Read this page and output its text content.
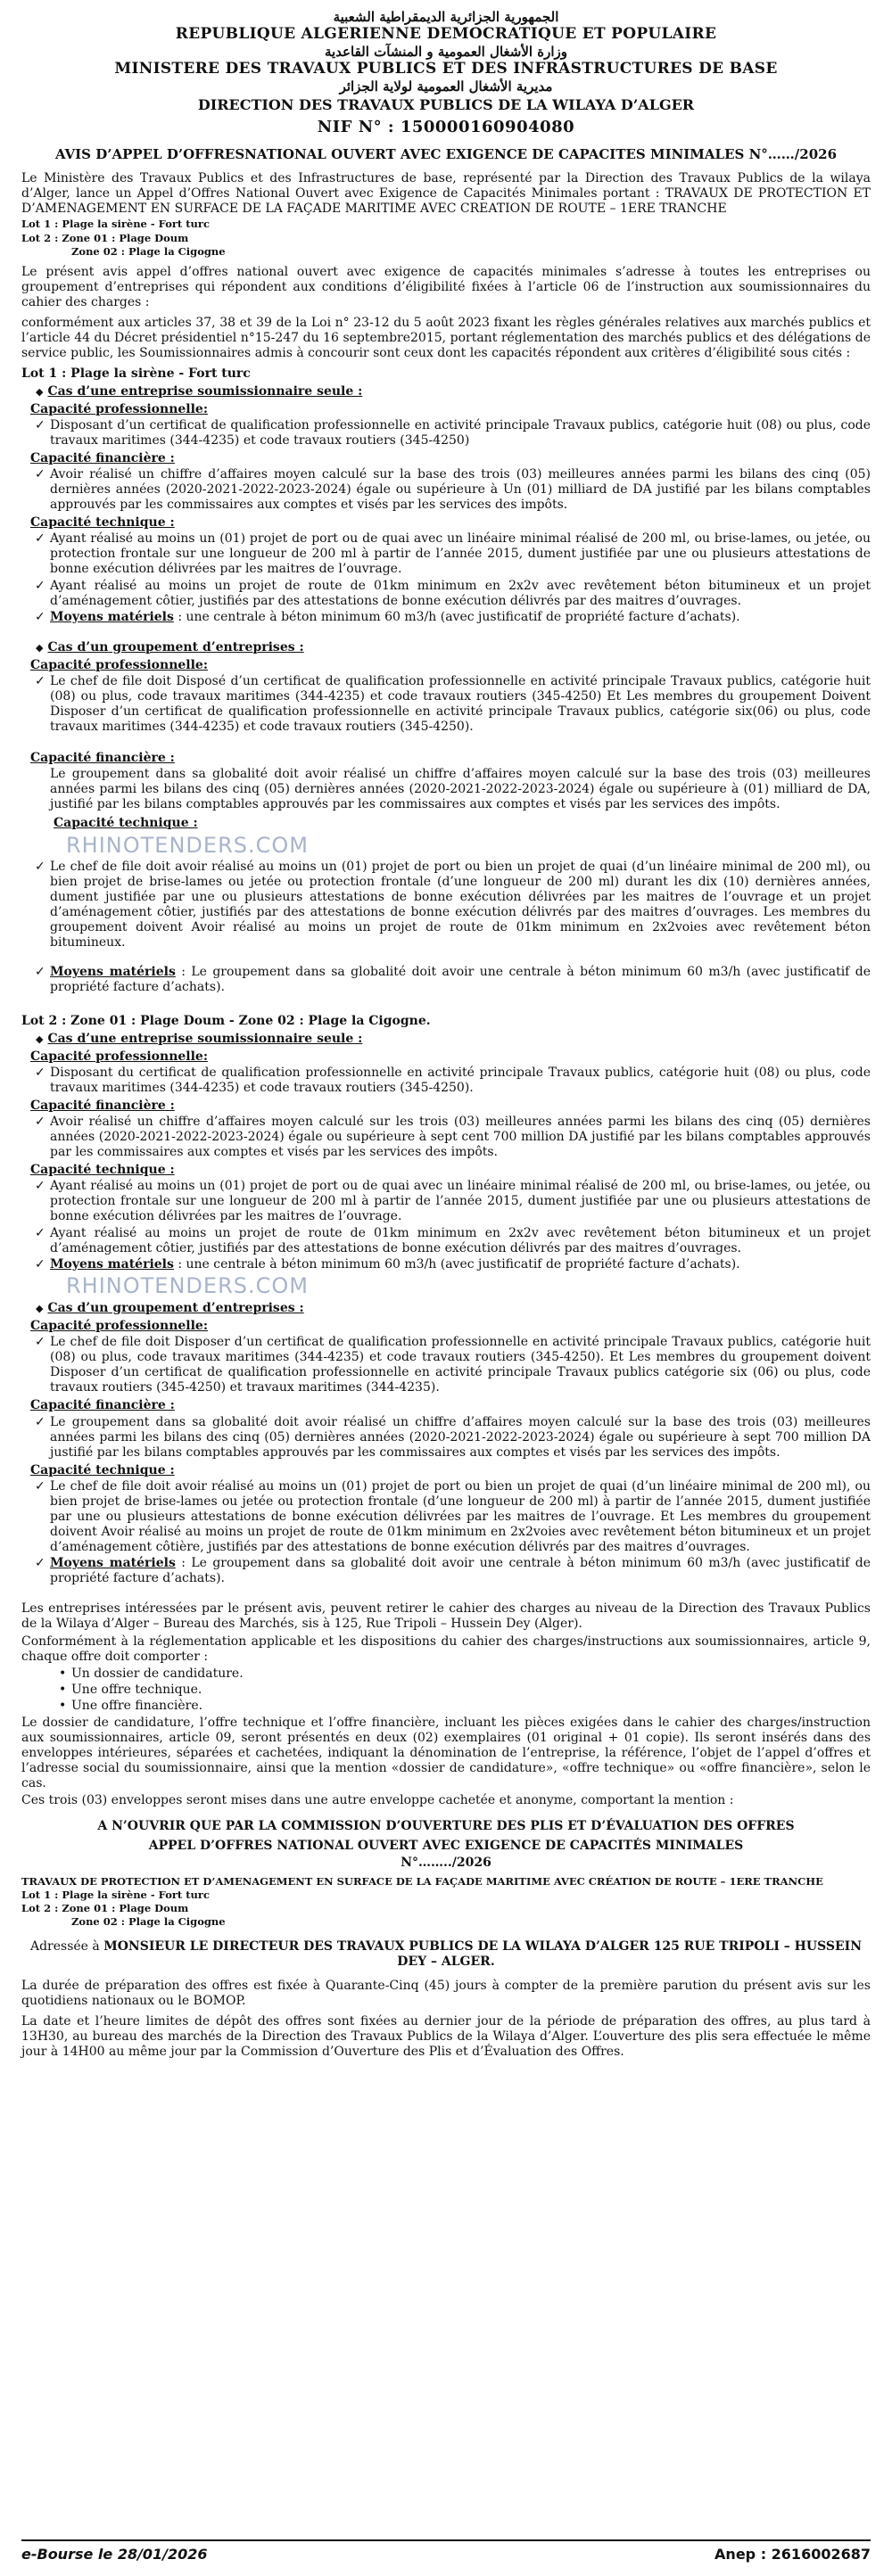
الجمهورية الجزائرية الديمقراطية الشعبية

REPUBLIQUE ALGERIENNE DEMOCRATIQUE ET POPULAIRE

وزارة الأشغال العمومية و المنشآت القاعدية

MINISTERE DES TRAVAUX PUBLICS ET DES INFRASTRUCTURES DE BASE

مديرية الأشغال العمومية لولاية الجزائر

DIRECTION DES TRAVAUX PUBLICS DE LA WILAYA D’ALGER

NIF N° : 150000160904080

AVIS D’APPEL D’OFFRESNATIONAL OUVERT AVEC EXIGENCE DE CAPACITES MINIMALES N°……/2026

Le Ministère des Travaux Publics et des Infrastructures de base, représenté par la Direction des Travaux Publics de la wilaya d’Alger, lance un Appel d’Offres National Ouvert avec Exigence de Capacités Minimales portant : TRAVAUX DE PROTECTION ET D’AMENAGEMENT EN SURFACE DE LA FAÇADE MARITIME AVEC CREATION DE ROUTE – 1ERE TRANCHE

Lot 1 : Plage la sirène - Fort turc

Lot 2 : Zone 01 : Plage Doum

Zone 02 : Plage la Cigogne

Le présent avis appel d’offres national ouvert avec exigence de capacités minimales s’adresse à toutes les entreprises ou groupement d’entreprises qui répondent aux conditions d’éligibilité fixées à l’article 06 de l’instruction aux soumissionnaires du cahier des charges :

conformément aux articles 37, 38 et 39 de la Loi n° 23-12 du 5 août 2023 fixant les règles générales relatives aux marchés publics et l’article 44 du Décret présidentiel n°15-247 du 16 septembre2015, portant réglementation des marchés publics et des délégations de service public, les Soumissionnaires admis à concourir sont ceux dont les capacités répondent aux critères d’éligibilité sous cités :

Lot 1 : Plage la sirène - Fort turc

◆ Cas d’une entreprise soumissionnaire seule :

Capacité professionnelle:

✓ Disposant d’un certificat de qualification professionnelle en activité principale Travaux publics, catégorie huit (08) ou plus, code travaux maritimes (344-4235) et code travaux routiers (345-4250)

Capacité financière :

✓ Avoir réalisé un chiffre d’affaires moyen calculé sur la base des trois (03) meilleures années parmi les bilans des cinq (05) dernières années (2020-2021-2022-2023-2024) égale ou supérieure à Un (01) milliard de DA justifié par les bilans comptables approuvés par les commissaires aux comptes et visés par les services des impôts.

Capacité technique :

✓ Ayant réalisé au moins un (01) projet de port ou de quai avec un linéaire minimal réalisé de 200 ml, ou brise-lames, ou jetée, ou protection frontale sur une longueur de 200 ml à partir de l’année 2015, dument justifiée par une ou plusieurs attestations de bonne exécution délivrées par les maitres de l’ouvrage.

✓ Ayant réalisé au moins un projet de route de 01km minimum en 2x2v avec revêtement béton bitumineux et un projet d’aménagement côtier, justifiés par des attestations de bonne exécution délivrés par des maitres d’ouvrages.

✓ Moyens matériels : une centrale à béton minimum 60 m3/h (avec justificatif de propriété facture d’achats).

◆ Cas d’un groupement d’entreprises :

Capacité professionnelle:

✓ Le chef de file doit Disposé d’un certificat de qualification professionnelle en activité principale Travaux publics, catégorie huit (08) ou plus, code travaux maritimes (344-4235) et code travaux routiers (345-4250) Et Les membres du groupement Doivent Disposer d’un certificat de qualification professionnelle en activité principale Travaux publics, catégorie six(06) ou plus, code travaux maritimes (344-4235) et code travaux routiers (345-4250).

Capacité financière :

Le groupement dans sa globalité doit avoir réalisé un chiffre d’affaires moyen calculé sur la base des trois (03) meilleures années parmi les bilans des cinq (05) dernières années (2020-2021-2022-2023-2024) égale ou supérieure à (01) milliard de DA, justifié par les bilans comptables approuvés par les commissaires aux comptes et visés par les services des impôts.

Capacité technique :

RHINOTENDERS.COM

✓ Le chef de file doit avoir réalisé au moins un (01) projet de port ou bien un projet de quai (d’un linéaire minimal de 200 ml), ou bien projet de brise-lames ou jetée ou protection frontale (d’une longueur de 200 ml) durant les dix (10) dernières années, dument justifiée par une ou plusieurs attestations de bonne exécution délivrées par les maitres de l’ouvrage et un projet d’aménagement côtier, justifiés par des attestations de bonne exécution délivrés par des maitres d’ouvrages. Les membres du groupement doivent Avoir réalisé au moins un projet de route de 01km minimum en 2x2voies avec revêtement béton bitumineux.

✓ Moyens matériels : Le groupement dans sa globalité doit avoir une centrale à béton minimum 60 m3/h (avec justificatif de propriété facture d’achats).

Lot 2 : Zone 01 : Plage Doum - Zone 02 : Plage la Cigogne.

◆ Cas d’une entreprise soumissionnaire seule :

Capacité professionnelle:

✓ Disposant du certificat de qualification professionnelle en activité principale Travaux publics, catégorie huit (08) ou plus, code travaux maritimes (344-4235) et code travaux routiers (345-4250).

Capacité financière :

✓ Avoir réalisé un chiffre d’affaires moyen calculé sur les trois (03) meilleures années parmi les bilans des cinq (05) dernières années (2020-2021-2022-2023-2024) égale ou supérieure à sept cent 700 million DA justifié par les bilans comptables approuvés par les commissaires aux comptes et visés par les services des impôts.

Capacité technique :

✓ Ayant réalisé au moins un (01) projet de port ou de quai avec un linéaire minimal réalisé de 200 ml, ou brise-lames, ou jetée, ou protection frontale sur une longueur de 200 ml à partir de l’année 2015, dument justifiée par une ou plusieurs attestations de bonne exécution délivrées par les maitres de l’ouvrage.

✓ Ayant réalisé au moins un projet de route de 01km minimum en 2x2v avec revêtement béton bitumineux et un projet d’aménagement côtier, justifiés par des attestations de bonne exécution délivrés par des maitres d’ouvrages.

✓ Moyens matériels : une centrale à béton minimum 60 m3/h (avec justificatif de propriété facture d’achats).

RHINOTENDERS.COM

◆ Cas d’un groupement d’entreprises :

Capacité professionnelle:

✓ Le chef de file doit Disposer d’un certificat de qualification professionnelle en activité principale Travaux publics, catégorie huit (08) ou plus, code travaux maritimes (344-4235) et code travaux routiers (345-4250). Et Les membres du groupement doivent Disposer d’un certificat de qualification professionnelle en activité principale Travaux publics catégorie six (06) ou plus, code travaux routiers (345-4250) et travaux maritimes (344-4235).

Capacité financière :

✓ Le groupement dans sa globalité doit avoir réalisé un chiffre d’affaires moyen calculé sur la base des trois (03) meilleures années parmi les bilans des cinq (05) dernières années (2020-2021-2022-2023-2024) égale ou supérieure à sept 700 million DA justifié par les bilans comptables approuvés par les commissaires aux comptes et visés par les services des impôts.

Capacité technique :

✓ Le chef de file doit avoir réalisé au moins un (01) projet de port ou bien un projet de quai (d’un linéaire minimal de 200 ml), ou bien projet de brise-lames ou jetée ou protection frontale (d’une longueur de 200 ml) à partir de l’année 2015, dument justifiée par une ou plusieurs attestations de bonne exécution délivrées par les maitres de l’ouvrage. Et Les membres du groupement doivent Avoir réalisé au moins un projet de route de 01km minimum en 2x2voies avec revêtement béton bitumineux et un projet d’aménagement côtière, justifiés par des attestations de bonne exécution délivrés par des maitres d’ouvrages.

✓ Moyens matériels : Le groupement dans sa globalité doit avoir une centrale à béton minimum 60 m3/h (avec justificatif de propriété facture d’achats).

Les entreprises intéressées par le présent avis, peuvent retirer le cahier des charges au niveau de la Direction des Travaux Publics de la Wilaya d’Alger – Bureau des Marchés, sis à 125, Rue Tripoli – Hussein Dey (Alger).

Conformément à la réglementation applicable et les dispositions du cahier des charges/instructions aux soumissionnaires, article 9, chaque offre doit comporter :

• Un dossier de candidature.

• Une offre technique.

• Une offre financière.

Le dossier de candidature, l’offre technique et l’offre financière, incluant les pièces exigées dans le cahier des charges/instruction aux soumissionnaires, article 09, seront présentés en deux (02) exemplaires (01 original + 01 copie). Ils seront insérés dans des enveloppes intérieures, séparées et cachetées, indiquant la dénomination de l’entreprise, la référence, l’objet de l’appel d’offres et l’adresse social du soumissionnaire, ainsi que la mention «dossier de candidature», «offre technique» ou «offre financière», selon le cas.

Ces trois (03) enveloppes seront mises dans une autre enveloppe cachetée et anonyme, comportant la mention :

A N’OUVRIR QUE PAR LA COMMISSION D’OUVERTURE DES PLIS ET D’ÉVALUATION DES OFFRES

APPEL D’OFFRES NATIONAL OUVERT AVEC EXIGENCE DE CAPACITÉS MINIMALES

N°……../2026

TRAVAUX DE PROTECTION ET D’AMENAGEMENT EN SURFACE DE LA FAÇADE MARITIME AVEC CRÉATION DE ROUTE – 1ERE TRANCHE

Lot 1 : Plage la sirène - Fort turc

Lot 2 : Zone 01 : Plage Doum

Zone 02 : Plage la Cigogne

Adressée à MONSIEUR LE DIRECTEUR DES TRAVAUX PUBLICS DE LA WILAYA D’ALGER 125 RUE TRIPOLI – HUSSEIN DEY – ALGER.

La durée de préparation des offres est fixée à Quarante-Cinq (45) jours à compter de la première parution du présent avis sur les quotidiens nationaux ou le BOMOP.

La date et l’heure limites de dépôt des offres sont fixées au dernier jour de la période de préparation des offres, au plus tard à 13H30, au bureau des marchés de la Direction des Travaux Publics de la Wilaya d’Alger. L’ouverture des plis sera effectuée le même jour à 14H00 au même jour par la Commission d’Ouverture des Plis et d’Évaluation des Offres.

e-Bourse le 28/01/2026	Anep : 2616002687
